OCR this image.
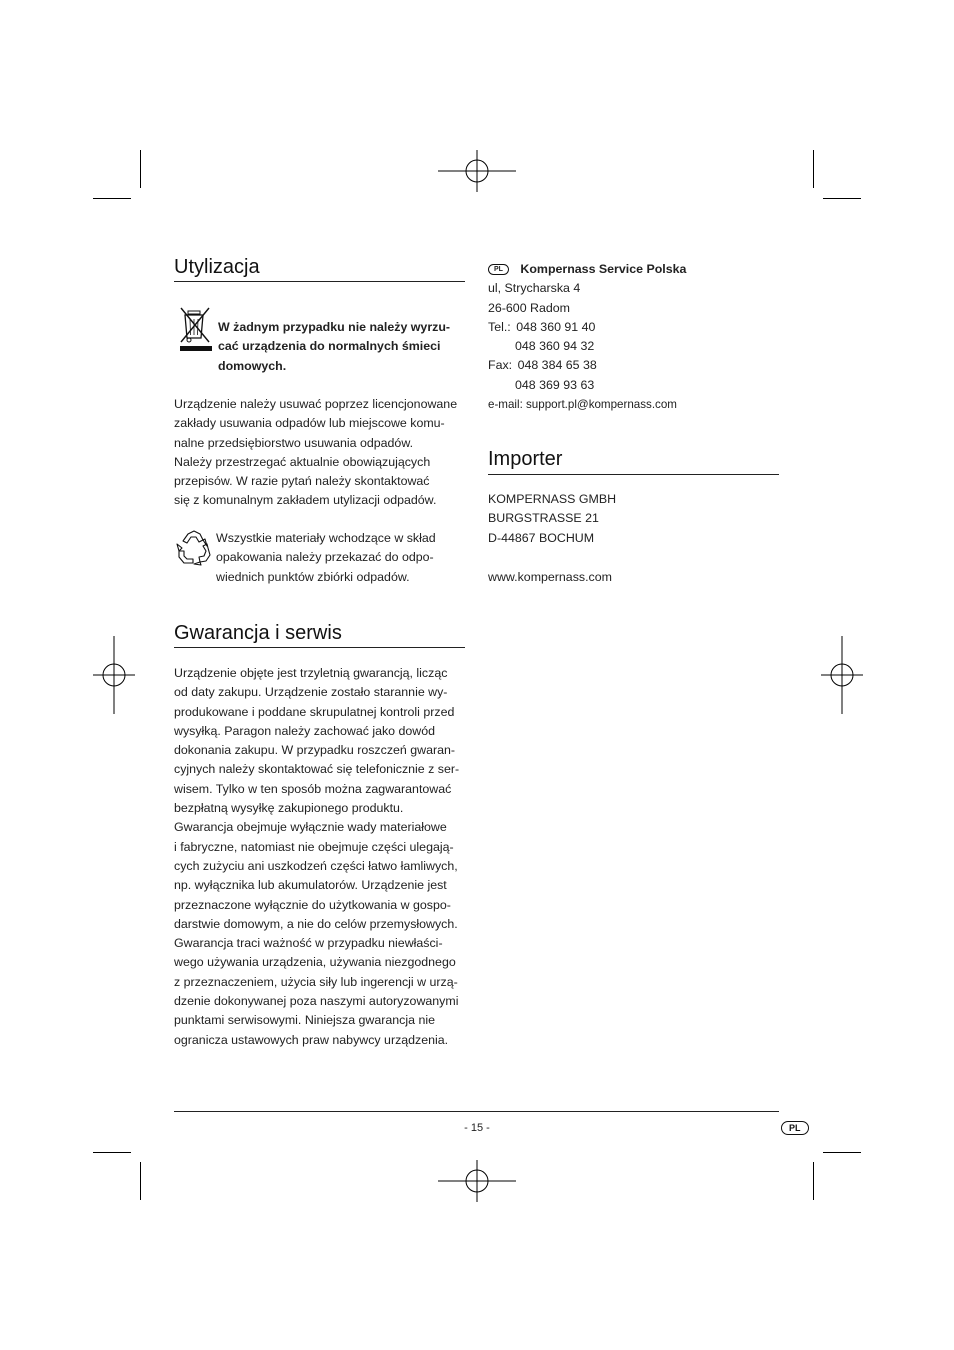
Utylizacja
W żadnym przypadku nie należy wyrzu-
cać urządzenia do normalnych śmieci
domowych.
Urządzenie należy usuwać poprzez licencjonowane
zakłady usuwania odpadów lub miejscowe komu-
nalne przedsiębiorstwo usuwania odpadów.
Należy przestrzegać aktualnie obowiązujących
przepisów. W razie pytań należy skontaktować
się z komunalnym zakładem utylizacji odpadów.
Wszystkie materiały wchodzące w skład
opakowania należy przekazać do odpo-
wiednich punktów zbiórki odpadów.
Gwarancja i serwis
Urządzenie objęte jest trzyletnią gwarancją, licząc
od daty zakupu. Urządzenie zostało starannie wy-
produkowane i poddane skrupulatnej kontroli przed
wysyłką. Paragon należy zachować jako dowód
dokonania zakupu. W przypadku roszczeń gwaran-
cyjnych należy skontaktować się telefonicznie z ser-
wisem. Tylko w ten sposób można zagwarantować
bezpłatną wysyłkę zakupionego produktu.
Gwarancja obejmuje wyłącznie wady materiałowe
i fabryczne, natomiast nie obejmuje części ulegają-
cych zużyciu ani uszkodzeń części łatwo łamliwych,
np. wyłącznika lub akumulatorów. Urządzenie jest
przeznaczone wyłącznie do użytkowania w gospo-
darstwie domowym, a nie do celów przemysłowych.
Gwarancja traci ważność w przypadku niewłaści-
wego używania urządzenia, używania niezgodnego
z przeznaczeniem, użycia siły lub ingerencji w urzą-
dzenie dokonywanej poza naszymi autoryzowanymi
punktami serwisowymi. Niniejsza gwarancja nie
ogranicza ustawowych praw nabywcy urządzenia.
PL Kompernass Service Polska
ul, Strycharska 4
26-600 Radom
Tel.: 048 360 91 40
048 360 94 32
Fax: 048 384 65 38
048 369 93 63
e-mail: support.pl@kompernass.com
Importer
KOMPERNASS GMBH
BURGSTRASSE 21
D-44867 BOCHUM
www.kompernass.com
- 15 -	PL
